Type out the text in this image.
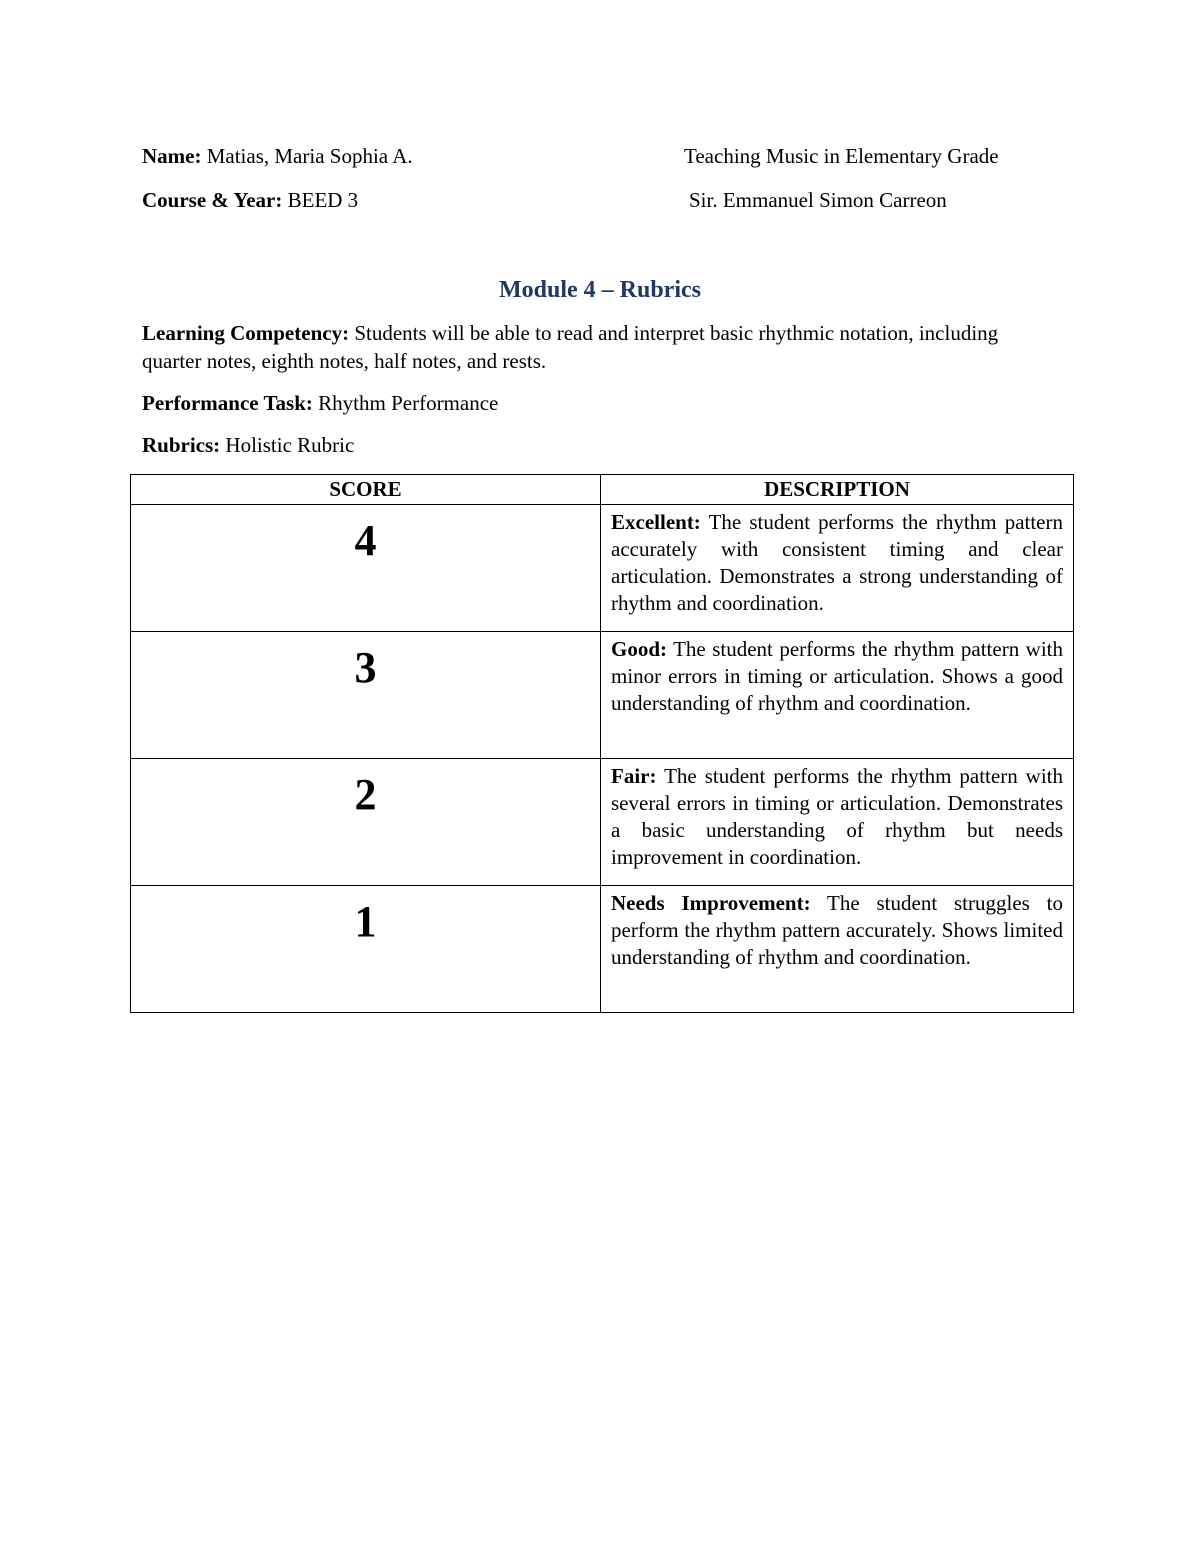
Name: Matias, Maria Sophia A.	Teaching Music in Elementary Grade
Course & Year: BEED 3	Sir. Emmanuel Simon Carreon
Module 4 – Rubrics
Learning Competency: Students will be able to read and interpret basic rhythmic notation, including quarter notes, eighth notes, half notes, and rests.
Performance Task: Rhythm Performance
Rubrics: Holistic Rubric
SCORE	DESCRIPTION
4	Excellent: The student performs the rhythm pattern accurately with consistent timing and clear articulation. Demonstrates a strong understanding of rhythm and coordination.
3	Good: The student performs the rhythm pattern with minor errors in timing or articulation. Shows a good understanding of rhythm and coordination.
2	Fair: The student performs the rhythm pattern with several errors in timing or articulation. Demonstrates a basic understanding of rhythm but needs improvement in coordination.
1	Needs Improvement: The student struggles to perform the rhythm pattern accurately. Shows limited understanding of rhythm and coordination.
